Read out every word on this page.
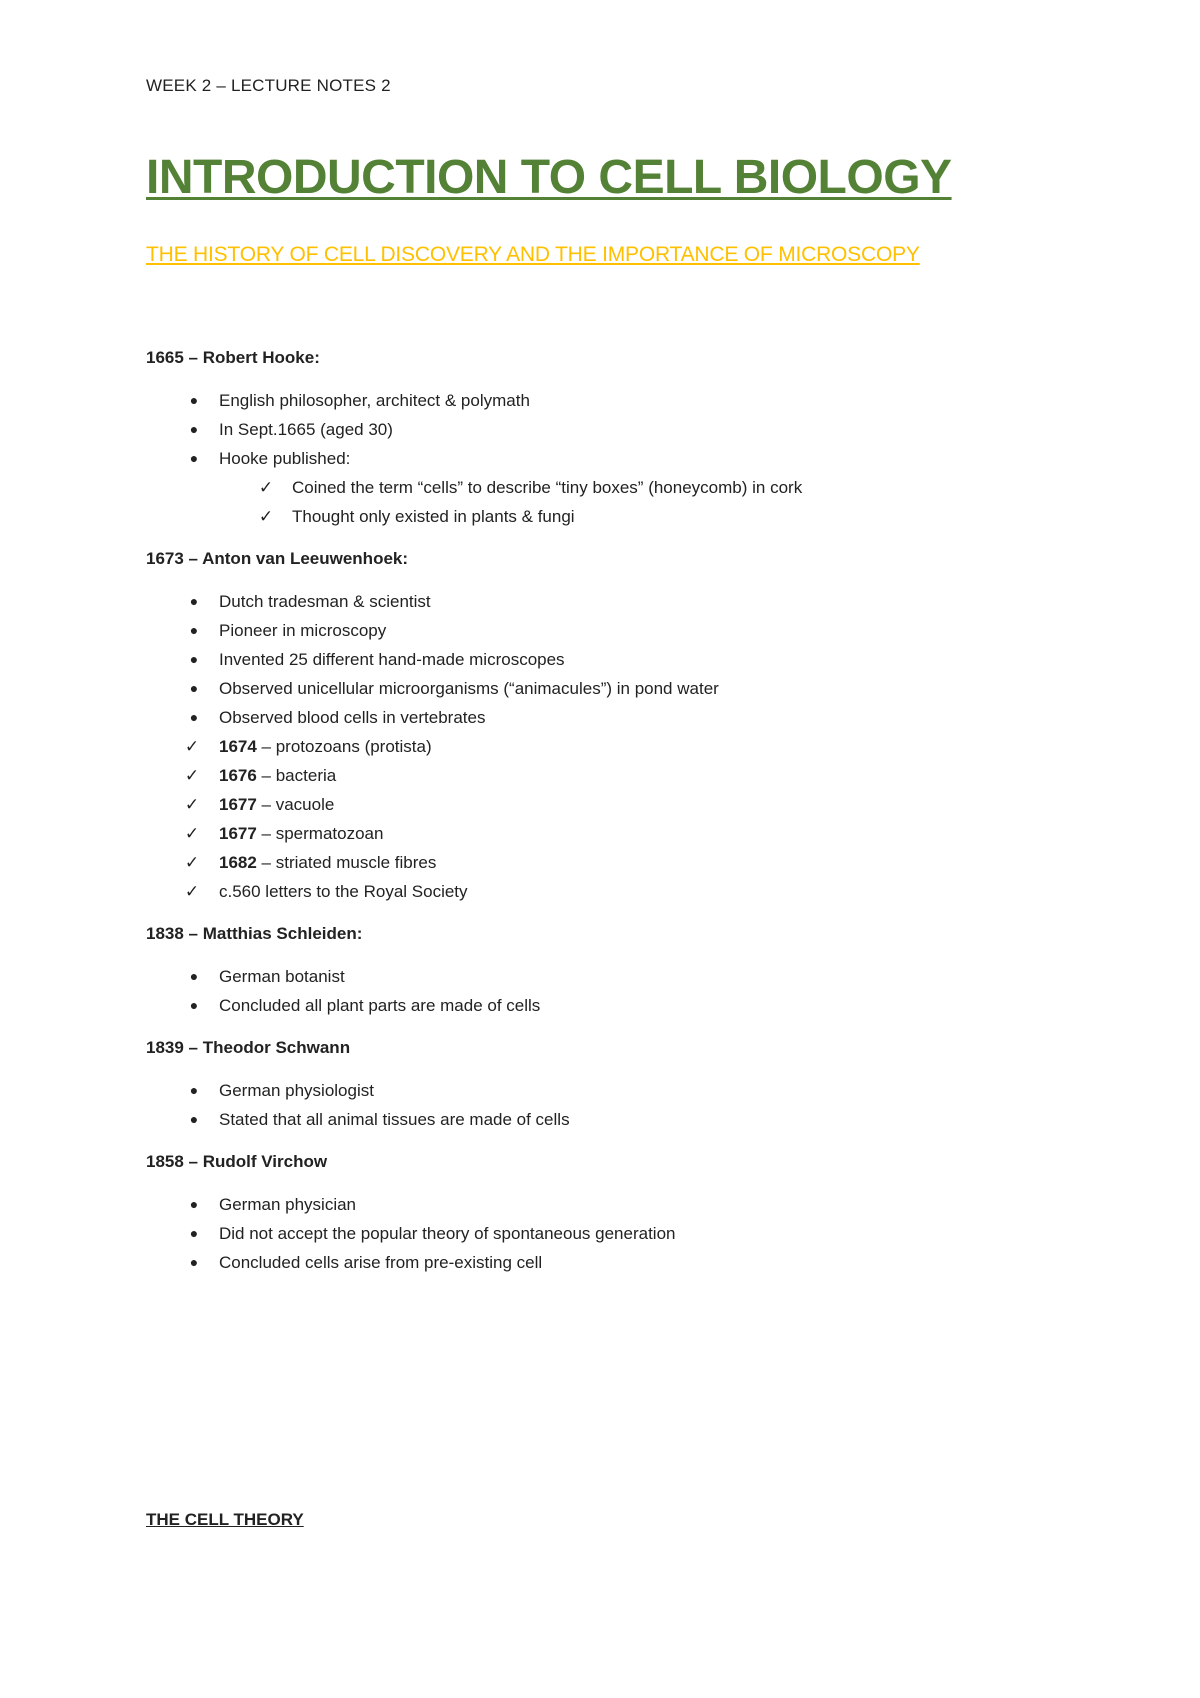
WEEK 2 – LECTURE NOTES 2
INTRODUCTION TO CELL BIOLOGY
THE HISTORY OF CELL DISCOVERY AND THE IMPORTANCE OF MICROSCOPY
1665 – Robert Hooke:
●	English philosopher, architect & polymath
●	In Sept.1665 (aged 30)
●	Hooke published:
✓ Coined the term “cells” to describe “tiny boxes” (honeycomb) in cork
✓ Thought only existed in plants & fungi
1673 – Anton van Leeuwenhoek:
●	Dutch tradesman & scientist
●	Pioneer in microscopy
●	Invented 25 different hand-made microscopes
●	Observed unicellular microorganisms (“animacules”) in pond water
●	Observed blood cells in vertebrates
✓ 1674 – protozoans (protista)
✓ 1676 – bacteria
✓ 1677 – vacuole
✓ 1677 – spermatozoan
✓ 1682 – striated muscle fibres
✓ c.560 letters to the Royal Society
1838 – Matthias Schleiden:
●	German botanist
●	Concluded all plant parts are made of cells
1839 – Theodor Schwann
●	German physiologist
●	Stated that all animal tissues are made of cells
1858 – Rudolf Virchow
●	German physician
●	Did not accept the popular theory of spontaneous generation
●	Concluded cells arise from pre-existing cell
THE CELL THEORY
